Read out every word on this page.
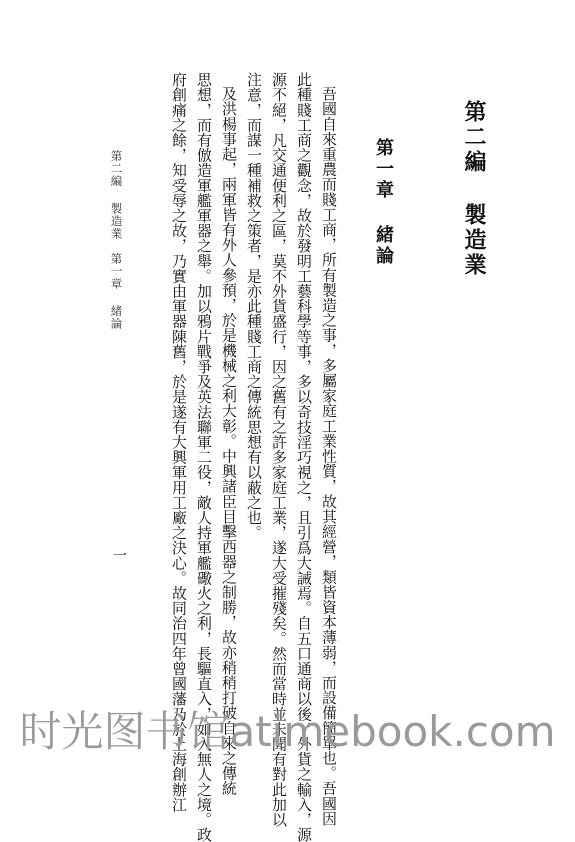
第二編 製造業
第一章 緒論
吾國自來重農而賤工商，所有製造之事，多屬家庭工業性質，故其經營，類皆資本薄弱，而設備簡單也。吾國因
此種賤工商之觀念，故於發明工藝科學等事，多以奇技淫巧視之，且引爲大誡焉。自五口通商以後，外貨之輸入，源
源不絕，凡交通便利之區，莫不外貨盛行，因之舊有之許多家庭工業，遂大受摧殘矣。然而當時並未聞有對此加以
注意，而謀一種補救之策者，是亦此種賤工商之傳統思想有以蔽之也。
及洪楊事起，兩軍皆有外人參預，於是機械之利大彰。中興諸臣目擊西器之制勝，故亦稍稍打破自來之傳統
思想，而有倣造軍艦軍器之舉。加以鴉片戰爭及英法聯軍二役，敵人持軍艦礮火之利，長驅直入，如入無人之境。政
府創痛之餘，知受辱之故，乃實由軍器陳舊，於是遂有大興軍用工廠之決心。故同治四年曾國藩乃於上海創辦江
第二編 製造業　第一章 緒論
一
时光图书馆atimebook.com
